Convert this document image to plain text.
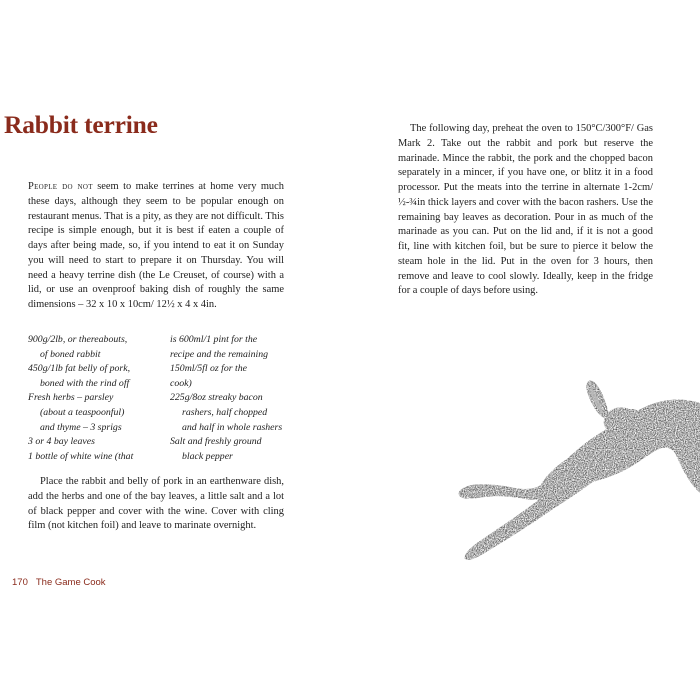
Rabbit terrine

People do not seem to make terrines at home very much these days, although they seem to be popular enough on restaurant menus. That is a pity, as they are not difficult. This recipe is simple enough, but it is best if eaten a couple of days after being made, so, if you intend to eat it on Sunday you will need to start to prepare it on Thursday. You will need a heavy terrine dish (the Le Creuset, of course) with a lid, or use an ovenproof baking dish of roughly the same dimensions – 32 x 10 x 10cm/ 12½ x 4 x 4in.

900g/2lb, or thereabouts,
of boned rabbit
450g/1lb fat belly of pork,
boned with the rind off
Fresh herbs – parsley
(about a teaspoonful)
and thyme – 3 sprigs
3 or 4 bay leaves
1 bottle of white wine (that
is 600ml/1 pint for the
recipe and the remaining
150ml/5fl oz for the
cook)
225g/8oz streaky bacon
rashers, half chopped
and half in whole rashers
Salt and freshly ground
black pepper

Place the rabbit and belly of pork in an earthenware dish, add the herbs and one of the bay leaves, a little salt and a lot of black pepper and cover with the wine. Cover with cling film (not kitchen foil) and leave to marinate overnight.

170 The Game Cook

The following day, preheat the oven to 150°C/300°F/ Gas Mark 2. Take out the rabbit and pork but reserve the marinade. Mince the rabbit, the pork and the chopped bacon separately in a mincer, if you have one, or blitz it in a food processor. Put the meats into the terrine in alternate 1-2cm/½-¾in thick layers and cover with the bacon rashers. Use the remaining bay leaves as decoration. Pour in as much of the marinade as you can. Put on the lid and, if it is not a good fit, line with kitchen foil, but be sure to pierce it below the steam hole in the lid. Put in the oven for 3 hours, then remove and leave to cool slowly. Ideally, keep in the fridge for a couple of days before using.
